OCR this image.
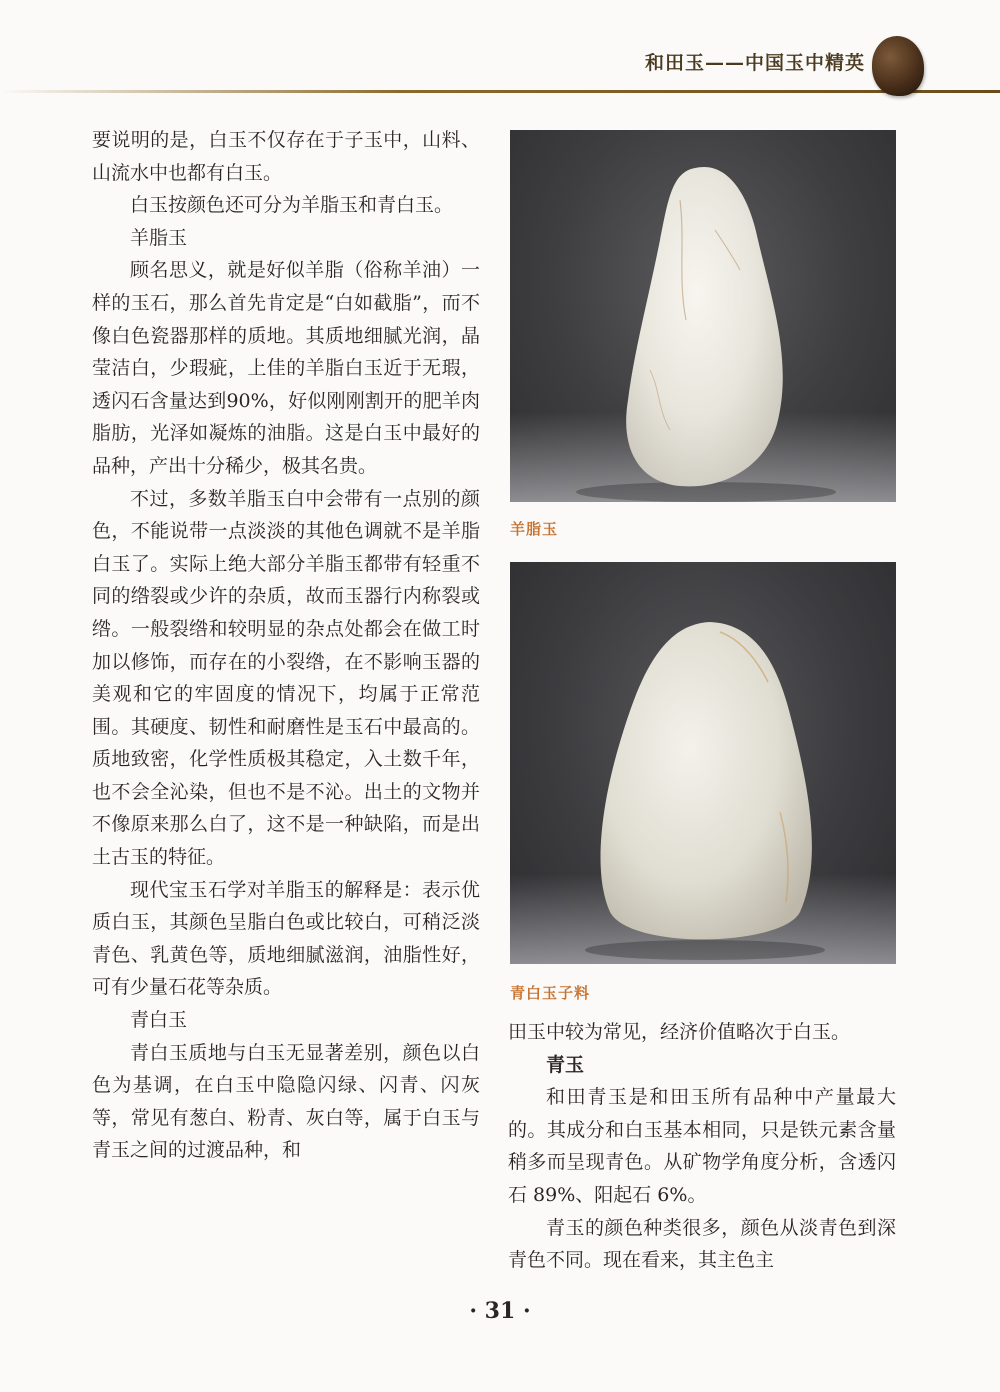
和田玉——中国玉中精英

要说明的是，白玉不仅存在于子玉中，山料、山流水中也都有白玉。

白玉按颜色还可分为羊脂玉和青白玉。

羊脂玉

顾名思义，就是好似羊脂（俗称羊油）一样的玉石，那么首先肯定是“白如截脂”，而不像白色瓷器那样的质地。其质地细腻光润，晶莹洁白，少瑕疵，上佳的羊脂白玉近于无瑕，透闪石含量达到90%，好似刚刚割开的肥羊肉脂肪，光泽如凝炼的油脂。这是白玉中最好的品种，产出十分稀少，极其名贵。

不过，多数羊脂玉白中会带有一点别的颜色，不能说带一点淡淡的其他色调就不是羊脂白玉了。实际上绝大部分羊脂玉都带有轻重不同的绺裂或少许的杂质，故而玉器行内称裂或绺。一般裂绺和较明显的杂点处都会在做工时加以修饰，而存在的小裂绺，在不影响玉器的美观和它的牢固度的情况下，均属于正常范围。其硬度、韧性和耐磨性是玉石中最高的。质地致密，化学性质极其稳定，入土数千年，也不会全沁染，但也不是不沁。出土的文物并不像原来那么白了，这不是一种缺陷，而是出土古玉的特征。

现代宝玉石学对羊脂玉的解释是：表示优质白玉，其颜色呈脂白色或比较白，可稍泛淡青色、乳黄色等，质地细腻滋润，油脂性好，可有少量石花等杂质。

青白玉

青白玉质地与白玉无显著差别，颜色以白色为基调，在白玉中隐隐闪绿、闪青、闪灰等，常见有葱白、粉青、灰白等，属于白玉与青玉之间的过渡品种，和

羊脂玉
青白玉子料

田玉中较为常见，经济价值略次于白玉。

青玉

和田青玉是和田玉所有品种中产量最大的。其成分和白玉基本相同，只是铁元素含量稍多而呈现青色。从矿物学角度分析，含透闪石 89%、阳起石 6%。

青玉的颜色种类很多，颜色从淡青色到深青色不同。现在看来，其主色主

· 31 ·
